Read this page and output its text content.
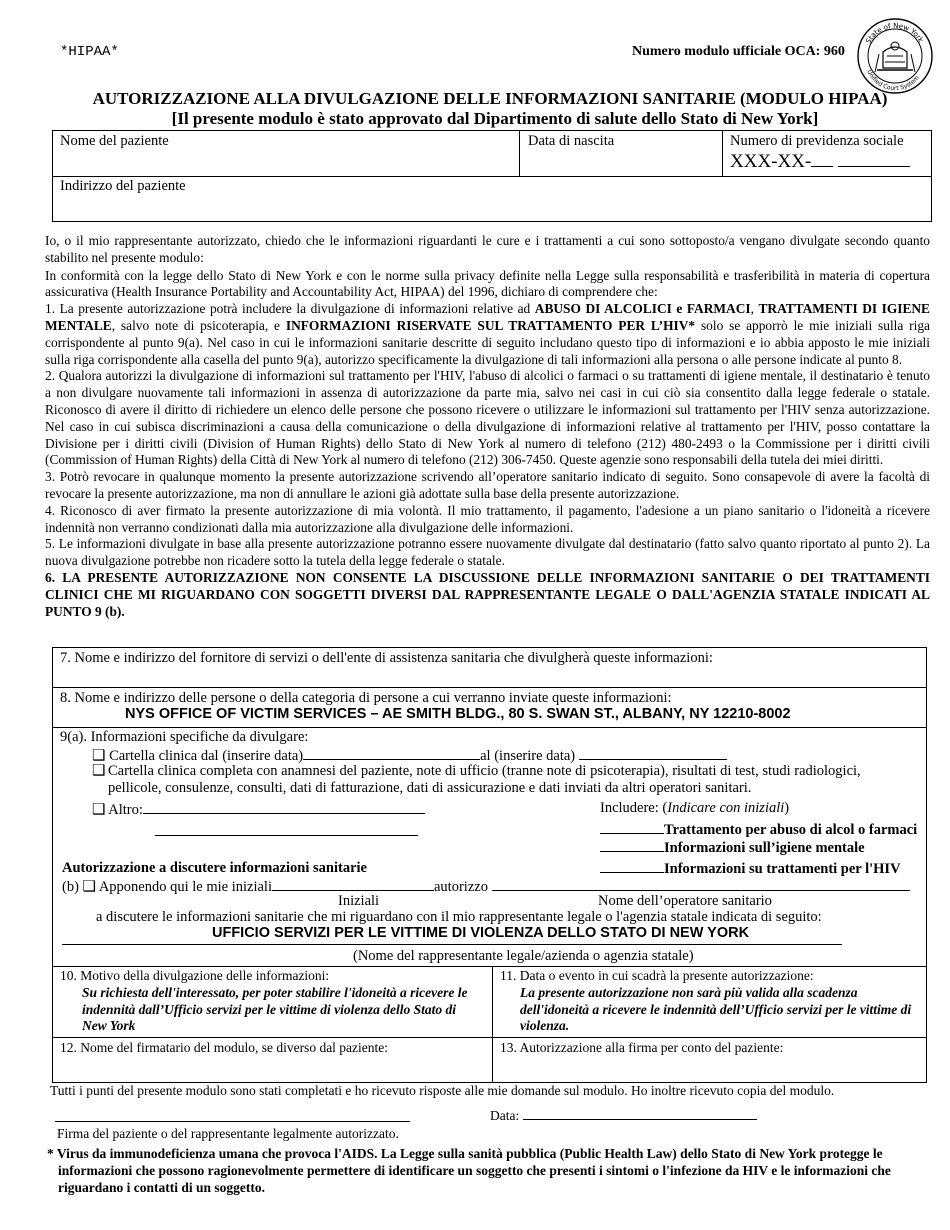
*HIPAA*	Numero modulo ufficiale OCA: 960
State of New York
Unified Court System
AUTORIZZAZIONE ALLA DIVULGAZIONE DELLE INFORMAZIONI SANITARIE (MODULO HIPAA)
[Il presente modulo è stato approvato dal Dipartimento di salute dello Stato di New York]
Nome del paziente	Data di nascita	Numero di previdenza sociale
XXX-XX-
Indirizzo del paziente
Io, o il mio rappresentante autorizzato, chiedo che le informazioni riguardanti le cure e i trattamenti a cui sono sottoposto/a vengano divulgate secondo quanto stabilito nel presente modulo:
In conformità con la legge dello Stato di New York e con le norme sulla privacy definite nella Legge sulla responsabilità e trasferibilità in materia di copertura assicurativa (Health Insurance Portability and Accountability Act, HIPAA) del 1996, dichiaro di comprendere che:
1. La presente autorizzazione potrà includere la divulgazione di informazioni relative ad ABUSO DI ALCOLICI e FARMACI, TRATTAMENTI DI IGIENE MENTALE, salvo note di psicoterapia, e INFORMAZIONI RISERVATE SUL TRATTAMENTO PER L’HIV* solo se apporrò le mie iniziali sulla riga corrispondente al punto 9(a). Nel caso in cui le informazioni sanitarie descritte di seguito includano questo tipo di informazioni e io abbia apposto le mie iniziali sulla riga corrispondente alla casella del punto 9(a), autorizzo specificamente la divulgazione di tali informazioni alla persona o alle persone indicate al punto 8.
2. Qualora autorizzi la divulgazione di informazioni sul trattamento per l'HIV, l'abuso di alcolici o farmaci o su trattamenti di igiene mentale, il destinatario è tenuto a non divulgare nuovamente tali informazioni in assenza di autorizzazione da parte mia, salvo nei casi in cui ciò sia consentito dalla legge federale o statale. Riconosco di avere il diritto di richiedere un elenco delle persone che possono ricevere o utilizzare le informazioni sul trattamento per l'HIV senza autorizzazione. Nel caso in cui subisca discriminazioni a causa della comunicazione o della divulgazione di informazioni relative al trattamento per l'HIV, posso contattare la Divisione per i diritti civili (Division of Human Rights) dello Stato di New York al numero di telefono (212) 480-2493 o la Commissione per i diritti civili (Commission of Human Rights) della Città di New York al numero di telefono (212) 306-7450. Queste agenzie sono responsabili della tutela dei miei diritti.
3. Potrò revocare in qualunque momento la presente autorizzazione scrivendo all’operatore sanitario indicato di seguito. Sono consapevole di avere la facoltà di revocare la presente autorizzazione, ma non di annullare le azioni già adottate sulla base della presente autorizzazione.
4. Riconosco di aver firmato la presente autorizzazione di mia volontà. Il mio trattamento, il pagamento, l'adesione a un piano sanitario o l'idoneità a ricevere indennità non verranno condizionati dalla mia autorizzazione alla divulgazione delle informazioni.
5. Le informazioni divulgate in base alla presente autorizzazione potranno essere nuovamente divulgate dal destinatario (fatto salvo quanto riportato al punto 2). La nuova divulgazione potrebbe non ricadere sotto la tutela della legge federale o statale.
6. LA PRESENTE AUTORIZZAZIONE NON CONSENTE LA DISCUSSIONE DELLE INFORMAZIONI SANITARIE O DEI TRATTAMENTI CLINICI CHE MI RIGUARDANO CON SOGGETTI DIVERSI DAL RAPPRESENTANTE LEGALE O DALL'AGENZIA STATALE INDICATI AL PUNTO 9 (b).
7. Nome e indirizzo del fornitore di servizi o dell'ente di assistenza sanitaria che divulgherà queste informazioni:
8. Nome e indirizzo delle persone o della categoria di persone a cui verranno inviate queste informazioni:
NYS OFFICE OF VICTIM SERVICES – AE SMITH BLDG., 80 S. SWAN ST., ALBANY, NY 12210-8002
9(a). Informazioni specifiche da divulgare:
❑ Cartella clinica dal (inserire data)	al (inserire data)
❑ Cartella clinica completa con anamnesi del paziente, note di ufficio (tranne note di psicoterapia), risultati di test, studi radiologici, pellicole, consulenze, consulti, dati di fatturazione, dati di assicurazione e dati inviati da altri operatori sanitari.
❑ Altro:	Includere: (Indicare con iniziali)
Trattamento per abuso di alcol o farmaci
Informazioni sull’igiene mentale
Informazioni su trattamenti per l'HIV
Autorizzazione a discutere informazioni sanitarie
(b) ❑ Apponendo qui le mie iniziali	autorizzo
Iniziali	Nome dell’operatore sanitario
a discutere le informazioni sanitarie che mi riguardano con il mio rappresentante legale o l'agenzia statale indicata di seguito:
UFFICIO SERVIZI PER LE VITTIME DI VIOLENZA DELLO STATO DI NEW YORK
(Nome del rappresentante legale/azienda o agenzia statale)
10. Motivo della divulgazione delle informazioni:
Su richiesta dell'interessato, per poter stabilire l'idoneità a ricevere le indennità dall’Ufficio servizi per le vittime di violenza dello Stato di New York
11. Data o evento in cui scadrà la presente autorizzazione:
La presente autorizzazione non sarà più valida alla scadenza dell'idoneità a ricevere le indennità dell’Ufficio servizi per le vittime di violenza.
12. Nome del firmatario del modulo, se diverso dal paziente:	13. Autorizzazione alla firma per conto del paziente:
Tutti i punti del presente modulo sono stati completati e ho ricevuto risposte alle mie domande sul modulo. Ho inoltre ricevuto copia del modulo.
Data:
Firma del paziente o del rappresentante legalmente autorizzato.
* Virus da immunodeficienza umana che provoca l'AIDS. La Legge sulla sanità pubblica (Public Health Law) dello Stato di New York protegge le informazioni che possono ragionevolmente permettere di identificare un soggetto che presenti i sintomi o l'infezione da HIV e le informazioni che riguardano i contatti di un soggetto.
